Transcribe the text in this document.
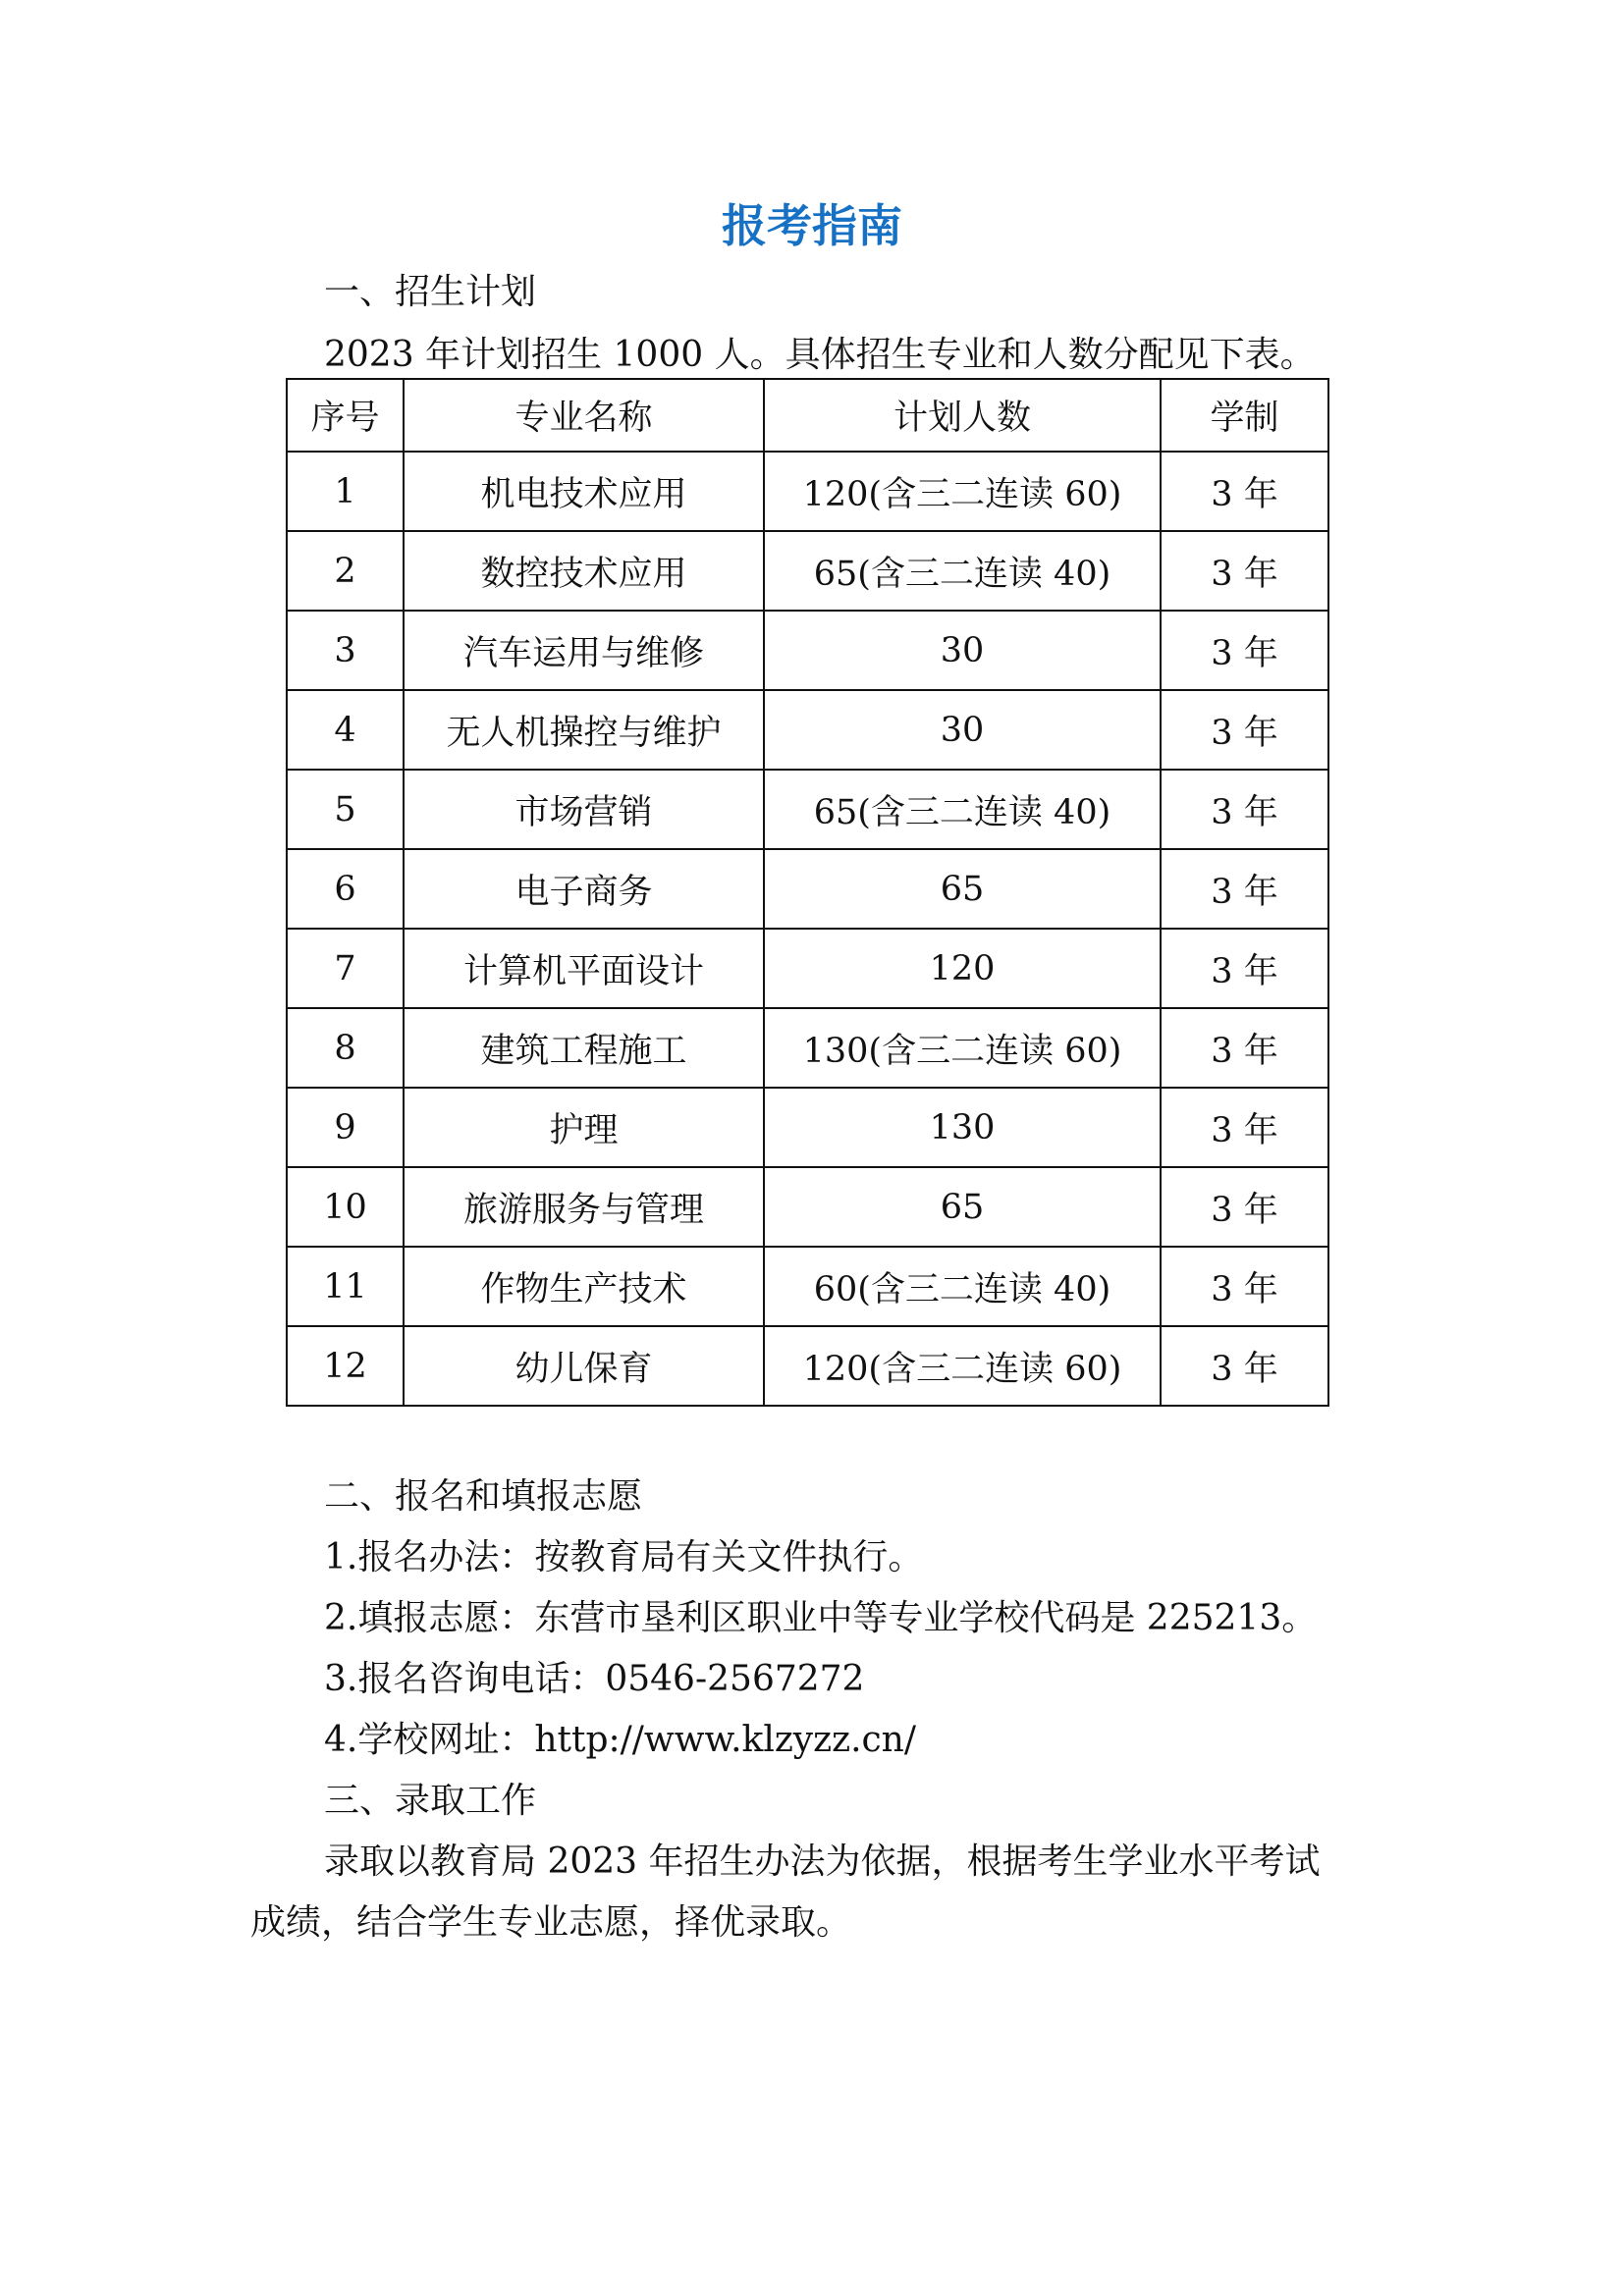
报考指南
一、招生计划
2023 年计划招生 1000 人。具体招生专业和人数分配见下表。
序号	专业名称	计划人数	学制
1	机电技术应用	120(含三二连读 60)	3 年
2	数控技术应用	65(含三二连读 40)	3 年
3	汽车运用与维修	30	3 年
4	无人机操控与维护	30	3 年
5	市场营销	65(含三二连读 40)	3 年
6	电子商务	65	3 年
7	计算机平面设计	120	3 年
8	建筑工程施工	130(含三二连读 60)	3 年
9	护理	130	3 年
10	旅游服务与管理	65	3 年
11	作物生产技术	60(含三二连读 40)	3 年
12	幼儿保育	120(含三二连读 60)	3 年
二、报名和填报志愿
1.报名办法：按教育局有关文件执行。
2.填报志愿：东营市垦利区职业中等专业学校代码是 225213。
3.报名咨询电话：0546-2567272
4.学校网址：http://www.klzyzz.cn/
三、录取工作
录取以教育局 2023 年招生办法为依据，根据考生学业水平考试
成绩，结合学生专业志愿，择优录取。
